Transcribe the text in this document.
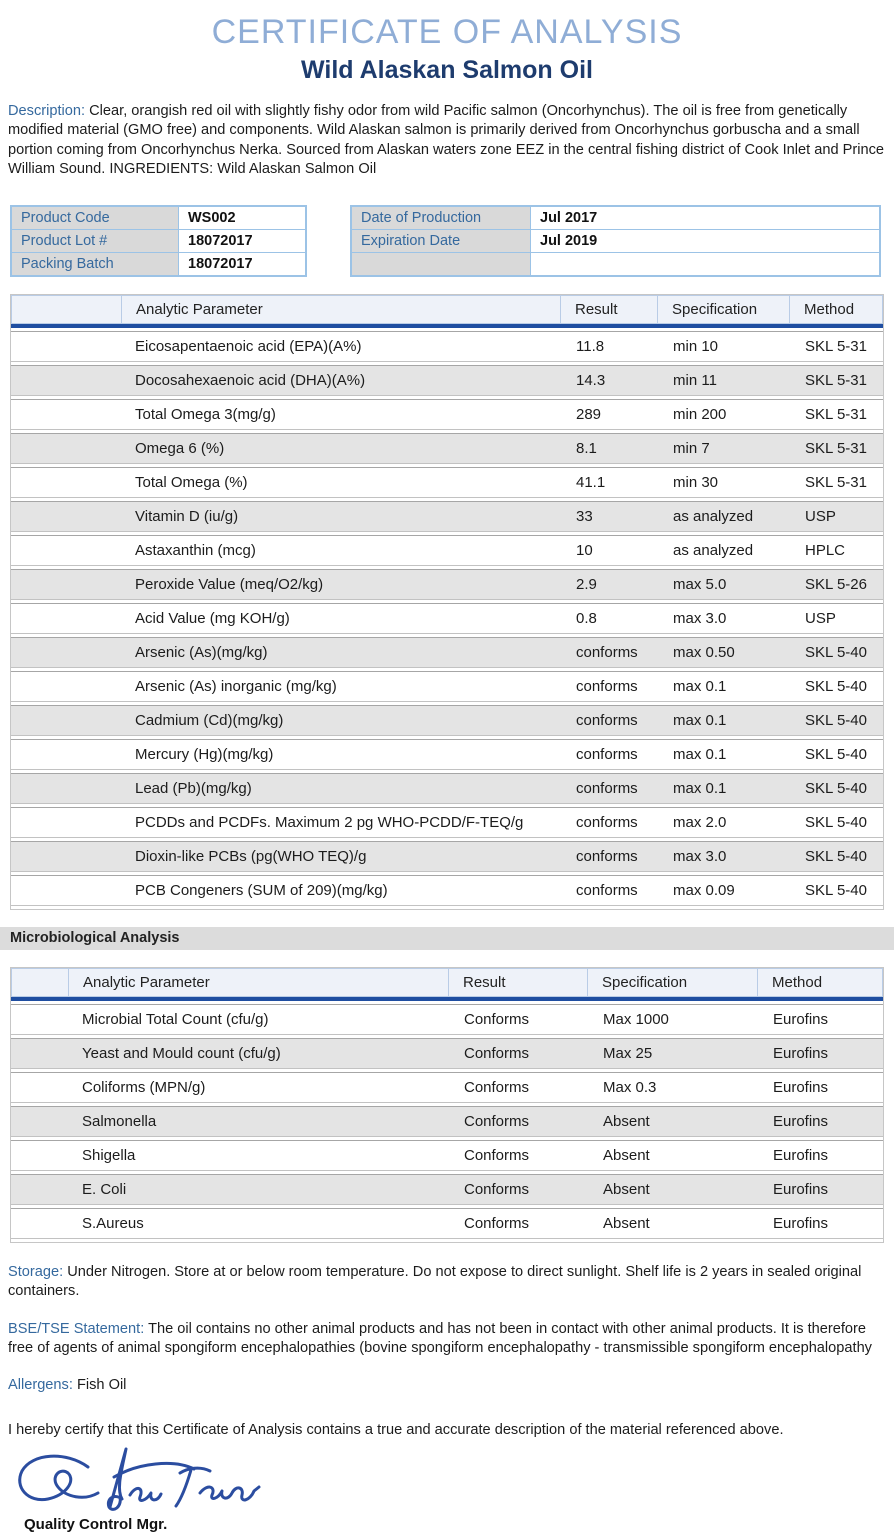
CERTIFICATE OF ANALYSIS
Wild Alaskan Salmon Oil
Description: Clear, orangish red oil with slightly fishy odor from wild Pacific salmon (Oncorhynchus). The oil is free from genetically modified material (GMO free) and components. Wild Alaskan salmon is primarily derived from Oncorhynchus gorbuscha and a small portion coming from Oncorhynchus Nerka. Sourced from Alaskan waters zone EEZ in the central fishing district of Cook Inlet and Prince William Sound. INGREDIENTS: Wild Alaskan Salmon Oil
Product Code	WS002
Product Lot #	18072017
Packing Batch	18072017
Date of Production	Jul 2017
Expiration Date	Jul 2019

Analytic Parameter	Result	Specification	Method
Eicosapentaenoic acid (EPA)(A%)	11.8	min 10	SKL 5-31
Docosahexaenoic acid (DHA)(A%)	14.3	min 11	SKL 5-31
Total Omega 3(mg/g)	289	min 200	SKL 5-31
Omega 6 (%)	8.1	min 7	SKL 5-31
Total Omega (%)	41.1	min 30	SKL 5-31
Vitamin D (iu/g)	33	as analyzed	USP
Astaxanthin (mcg)	10	as analyzed	HPLC
Peroxide Value (meq/O2/kg)	2.9	max 5.0	SKL 5-26
Acid Value (mg KOH/g)	0.8	max 3.0	USP
Arsenic (As)(mg/kg)	conforms	max 0.50	SKL 5-40
Arsenic (As) inorganic (mg/kg)	conforms	max 0.1	SKL 5-40
Cadmium (Cd)(mg/kg)	conforms	max 0.1	SKL 5-40
Mercury (Hg)(mg/kg)	conforms	max 0.1	SKL 5-40
Lead (Pb)(mg/kg)	conforms	max 0.1	SKL 5-40
PCDDs and PCDFs. Maximum 2 pg WHO-PCDD/F-TEQ/g	conforms	max 2.0	SKL 5-40
Dioxin-like PCBs (pg(WHO TEQ)/g	conforms	max 3.0	SKL 5-40
PCB Congeners (SUM of 209)(mg/kg)	conforms	max 0.09	SKL 5-40
Microbiological Analysis
Analytic Parameter	Result	Specification	Method
Microbial Total Count (cfu/g)	Conforms	Max 1000	Eurofins
Yeast and Mould count (cfu/g)	Conforms	Max 25	Eurofins
Coliforms (MPN/g)	Conforms	Max 0.3	Eurofins
Salmonella	Conforms	Absent	Eurofins
Shigella	Conforms	Absent	Eurofins
E. Coli	Conforms	Absent	Eurofins
S.Aureus	Conforms	Absent	Eurofins
Storage: Under Nitrogen. Store at or below room temperature. Do not expose to direct sunlight. Shelf life is 2 years in sealed original containers.
BSE/TSE Statement: The oil contains no other animal products and has not been in contact with other animal products. It is therefore free of agents of animal spongiform encephalopathies (bovine spongiform encephalopathy - transmissible spongiform encephalopathy
Allergens: Fish Oil
I hereby certify that this Certificate of Analysis contains a true and accurate description of the material referenced above.
Quality Control Mgr.
